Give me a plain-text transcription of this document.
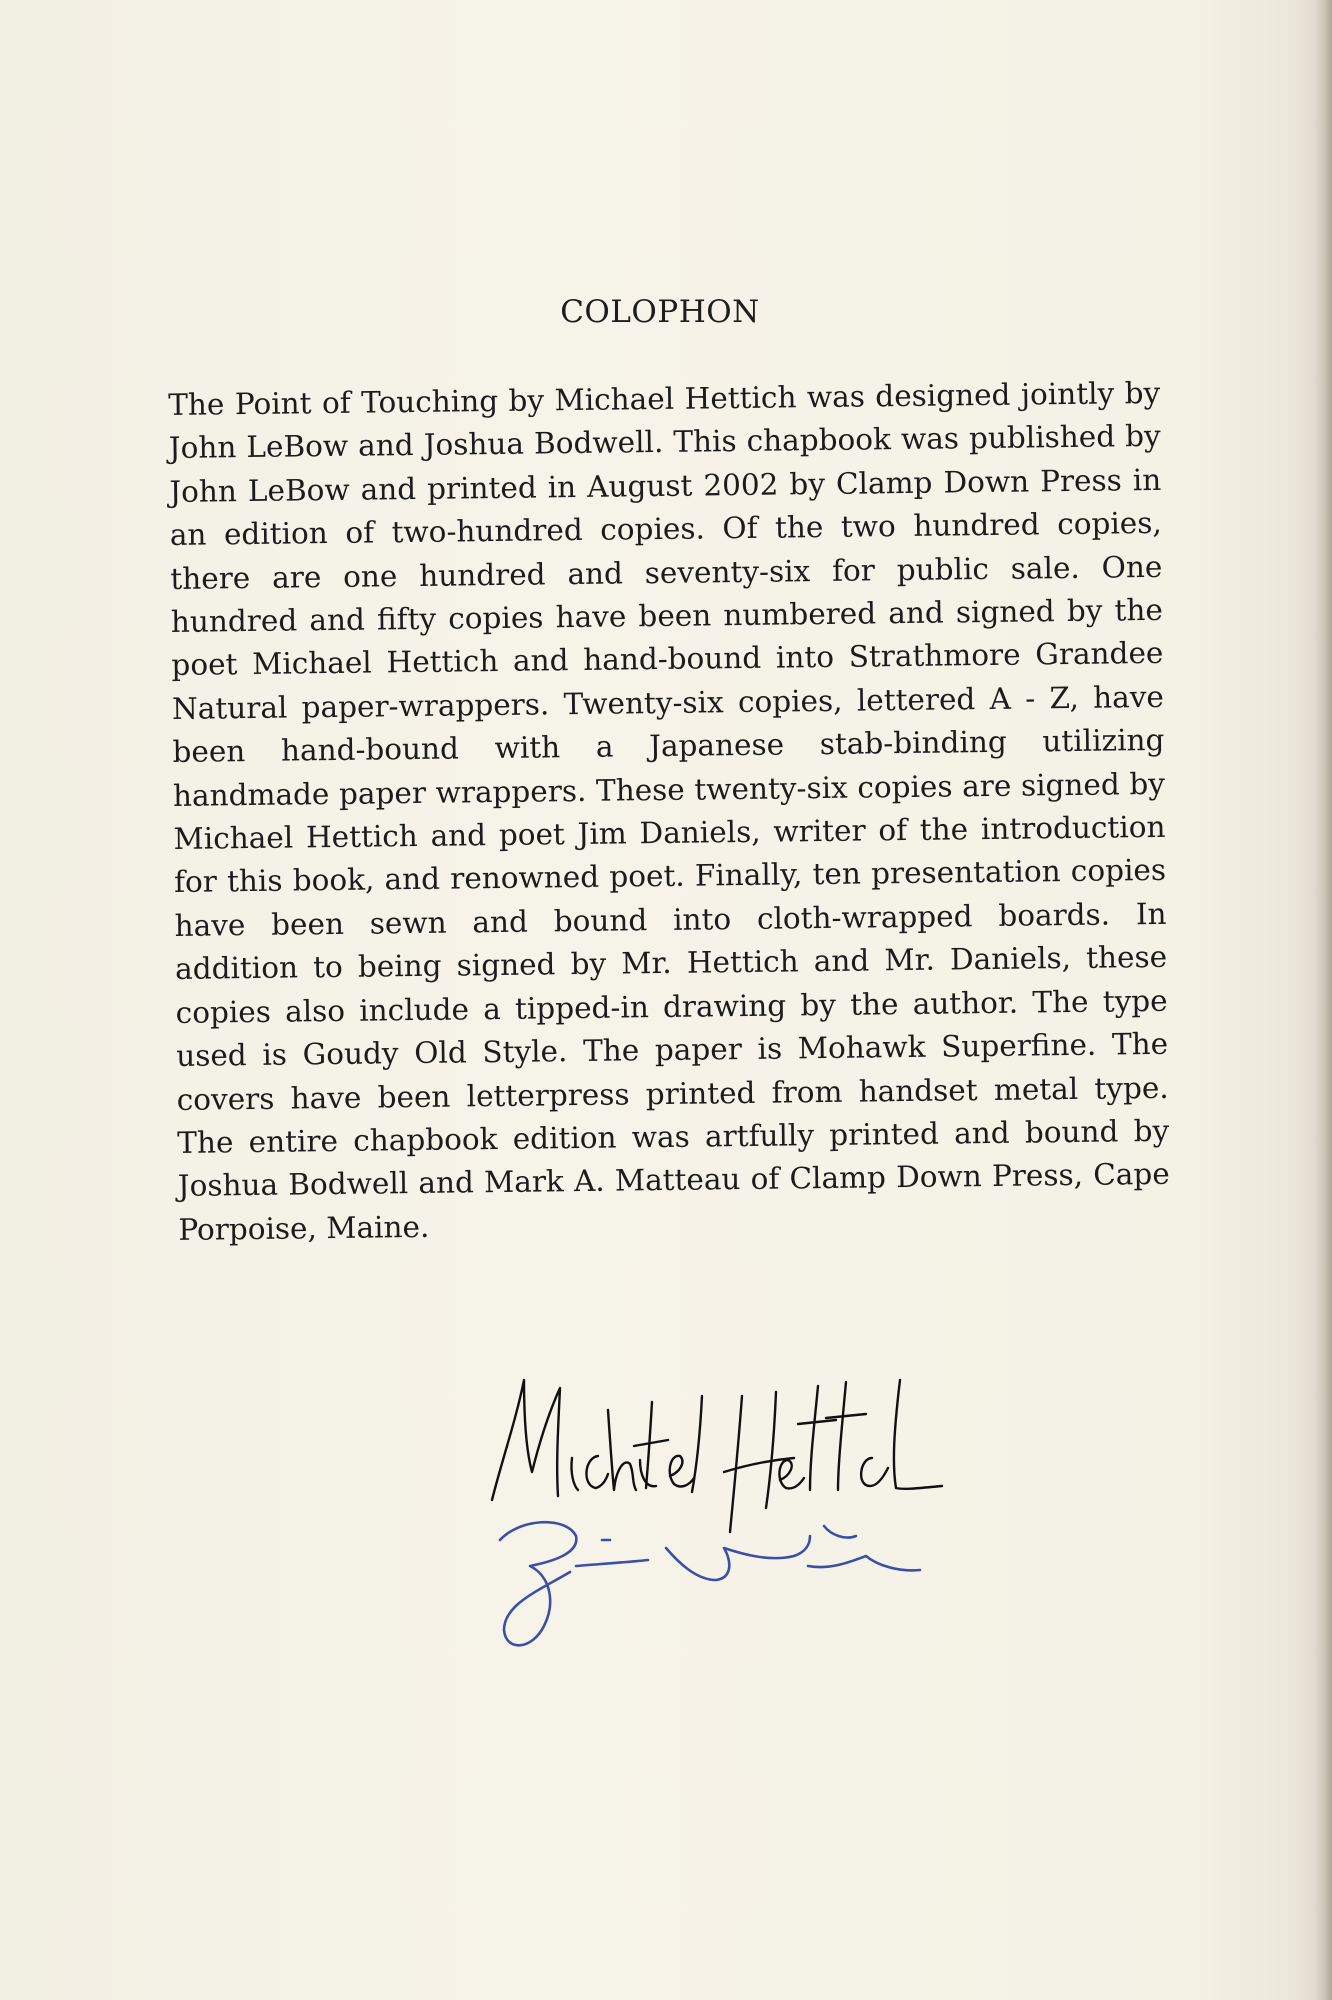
COLOPHON

The Point of Touching by Michael Hettich was designed jointly by John LeBow and Joshua Bodwell. This chapbook was published by John LeBow and printed in August 2002 by Clamp Down Press in an edition of two-hundred copies. Of the two hundred copies, there are one hundred and seventy-six for public sale. One hundred and fifty copies have been numbered and signed by the poet Michael Hettich and hand-bound into Strathmore Grandee Natural paper-wrappers. Twenty-six copies, lettered A - Z, have been hand-bound with a Japanese stab-binding utilizing handmade paper wrappers. These twenty-six copies are signed by Michael Hettich and poet Jim Daniels, writer of the introduction for this book, and renowned poet. Finally, ten presentation copies have been sewn and bound into cloth-wrapped boards. In addition to being signed by Mr. Hettich and Mr. Daniels, these copies also include a tipped-in drawing by the author. The type used is Goudy Old Style. The paper is Mohawk Superfine. The covers have been letterpress printed from handset metal type. The entire chapbook edition was artfully printed and bound by Joshua Bodwell and Mark A. Matteau of Clamp Down Press, Cape Porpoise, Maine.
